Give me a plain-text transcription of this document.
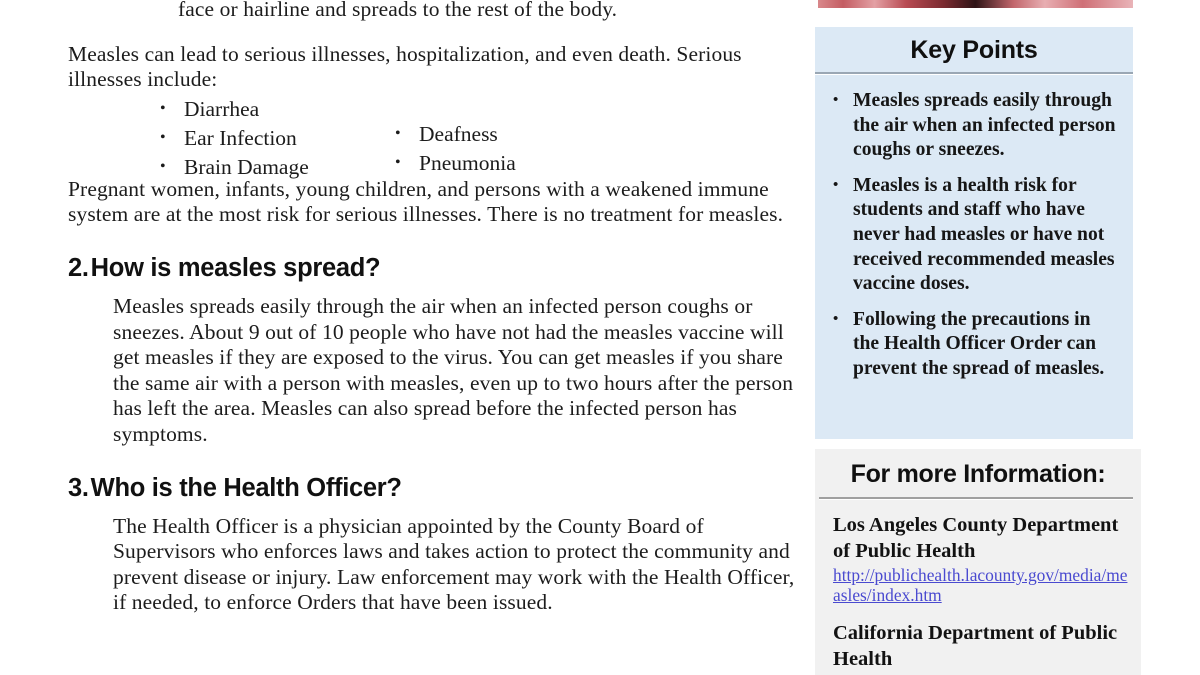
face or hairline and spreads to the rest of the body.

Measles can lead to serious illnesses, hospitalization, and even death. Serious illnesses include:

• Diarrhea
• Ear Infection
• Brain Damage
• Deafness
• Pneumonia

Pregnant women, infants, young children, and persons with a weakened immune system are at the most risk for serious illnesses. There is no treatment for measles.

2. How is measles spread?

Measles spreads easily through the air when an infected person coughs or sneezes. About 9 out of 10 people who have not had the measles vaccine will get measles if they are exposed to the virus. You can get measles if you share the same air with a person with measles, even up to two hours after the person has left the area. Measles can also spread before the infected person has symptoms.

3. Who is the Health Officer?

The Health Officer is a physician appointed by the County Board of Supervisors who enforces laws and takes action to protect the community and prevent disease or injury. Law enforcement may work with the Health Officer, if needed, to enforce Orders that have been issued.

Key Points
• Measles spreads easily through the air when an infected person coughs or sneezes.
• Measles is a health risk for students and staff who have never had measles or have not received recommended measles vaccine doses.
• Following the precautions in the Health Officer Order can prevent the spread of measles.
For more Information:
Los Angeles County Department of Public Health
http://publichealth.lacounty.gov/media/measles/index.htm
California Department of Public Health
